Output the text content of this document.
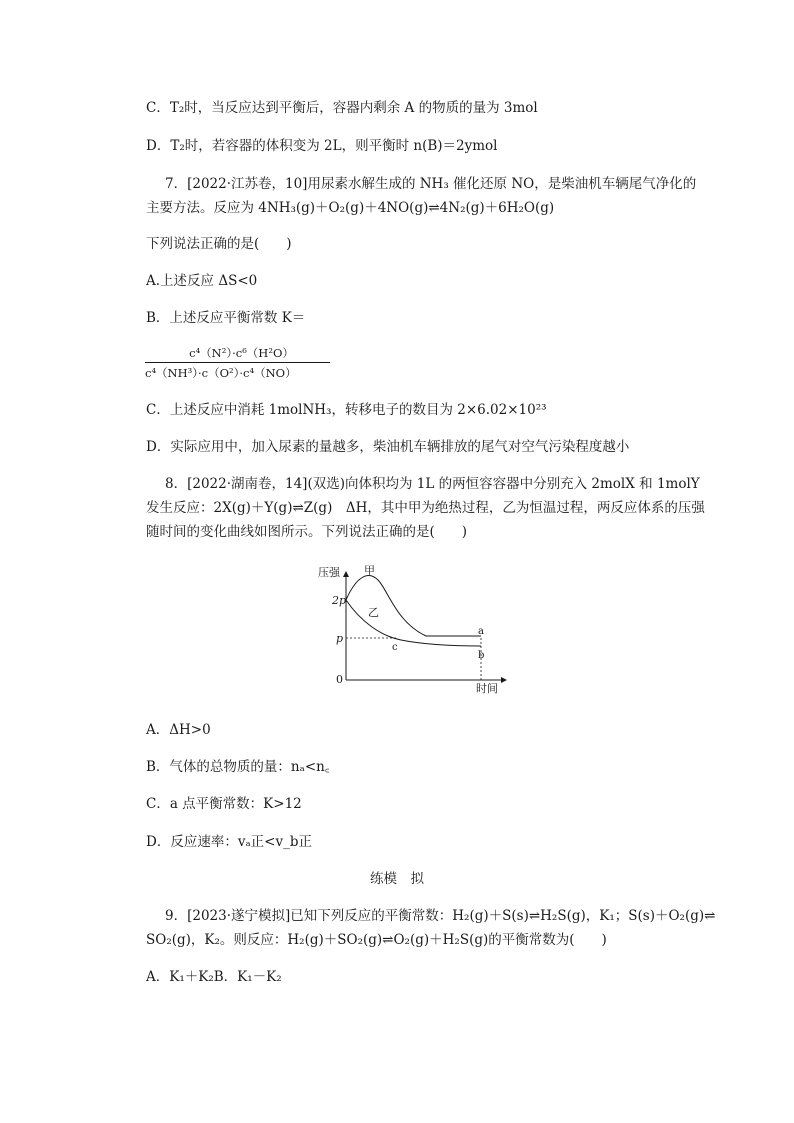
C．T₂时，当反应达到平衡后，容器内剩余 A 的物质的量为 3mol
D．T₂时，若容器的体积变为 2L，则平衡时 n(B)＝2ymol
7．[2022·江苏卷，10]用尿素水解生成的 NH₃ 催化还原 NO，是柴油机车辆尾气净化的
主要方法。反应为 4NH₃(g)＋O₂(g)＋4NO(g)⇌4N₂(g)＋6H₂O(g)
下列说法正确的是(　　)
A.上述反应 ΔS<0
B．上述反应平衡常数 K＝
c⁴（N²）·c⁶（H²O）
c⁴（NH³）·c（O²）·c⁴（NO）
C．上述反应中消耗 1molNH₃，转移电子的数目为 2×6.02×10²³
D．实际应用中，加入尿素的量越多，柴油机车辆排放的尾气对空气污染程度越小
8．[2022·湖南卷，14](双选)向体积均为 1L 的两恒容容器中分别充入 2molX 和 1molY
发生反应：2X(g)＋Y(g)⇌Z(g)　ΔH，其中甲为绝热过程，乙为恒温过程，两反应体系的压强
随时间的变化曲线如图所示。下列说法正确的是(　　)
压强
时间
0
2p
p
甲
乙
a
b
c
A．ΔH>0
B．气体的总物质的量：nₐ<n꜀
C．a 点平衡常数：K>12
D．反应速率：vₐ正<v_b正
练模　拟
9．[2023·遂宁模拟]已知下列反应的平衡常数：H₂(g)＋S(s)⇌H₂S(g)，K₁；S(s)＋O₂(g)⇌
SO₂(g)，K₂。则反应：H₂(g)＋SO₂(g)⇌O₂(g)＋H₂S(g)的平衡常数为(　　)
A．K₁＋K₂B．K₁－K₂
